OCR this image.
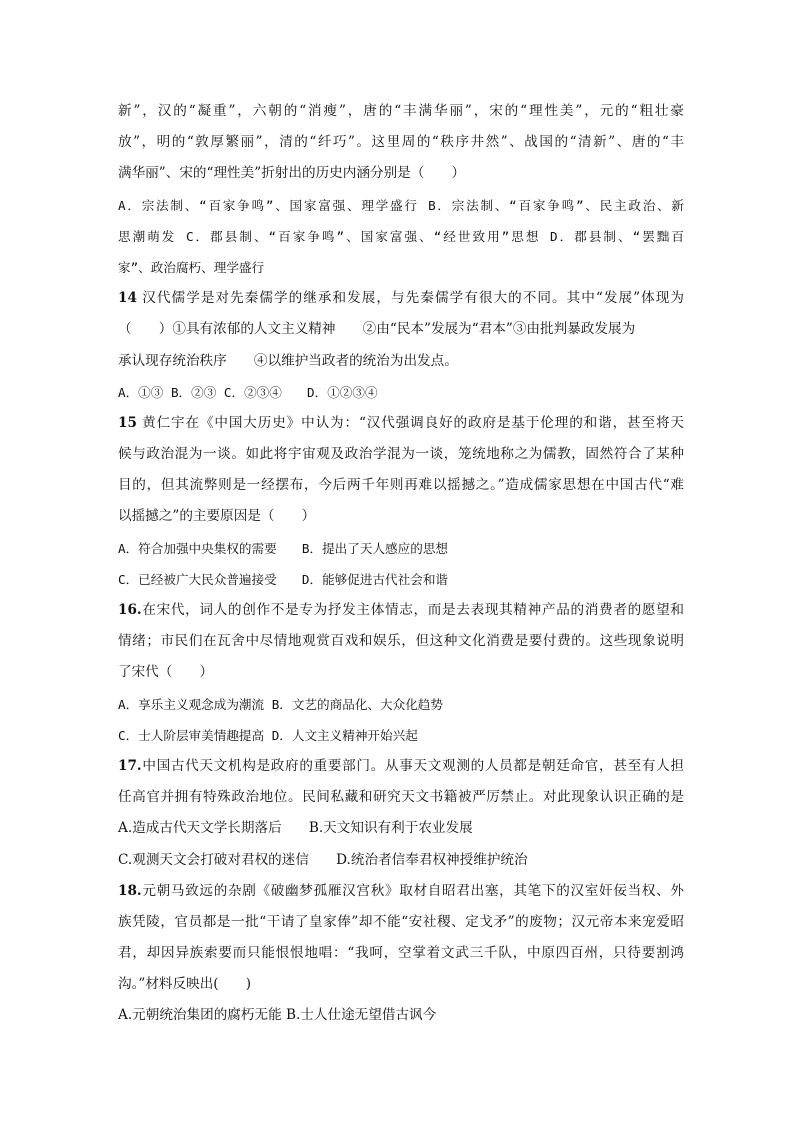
新”，汉的“凝重”，六朝的“消瘦”，唐的“丰满华丽”，宋的“理性美”，元的“粗壮豪
放”，明的“敦厚繁丽”，清的“纤巧”。这里周的“秩序井然”、战国的“清新”、唐的“丰
满华丽”、宋的“理性美”折射出的历史内涵分别是（　　）
A．宗法制、“百家争鸣”、国家富强、理学盛行 B．宗法制、“百家争鸣”、民主政治、新
思潮萌发 C．郡县制、“百家争鸣”、国家富强、“经世致用”思想 D．郡县制、“罢黜百
家”、政治腐朽、理学盛行
14 汉代儒学是对先秦儒学的继承和发展，与先秦儒学有很大的不同。其中“发展”体现为
（　　）①具有浓郁的人文主义精神　　②由“民本”发展为“君本”③由批判暴政发展为
承认现存统治秩序　　④以维护当政者的统治为出发点。
A．①③ B．②③ C．②③④　　D．①②③④
15 黄仁宇在《中国大历史》中认为：“汉代强调良好的政府是基于伦理的和谐，甚至将天
候与政治混为一谈。如此将宇宙观及政治学混为一谈，笼统地称之为儒教，固然符合了某种
目的，但其流弊则是一经摆布，今后两千年则再难以摇撼之。”造成儒家思想在中国古代“难
以摇撼之”的主要原因是（　　）
A．符合加强中央集权的需要　　B．提出了天人感应的思想
C．已经被广大民众普遍接受　　D．能够促进古代社会和谐
16.在宋代，词人的创作不是专为抒发主体情志，而是去表现其精神产品的消费者的愿望和
情绪；市民们在瓦舍中尽情地观赏百戏和娱乐，但这种文化消费是要付费的。这些现象说明
了宋代（　　）
A．享乐主义观念成为潮流 B．文艺的商品化、大众化趋势
C．士人阶层审美情趣提高 D．人文主义精神开始兴起
17.中国古代天文机构是政府的重要部门。从事天文观测的人员都是朝廷命官，甚至有人担
任高官并拥有特殊政治地位。民间私藏和研究天文书籍被严厉禁止。对此现象认识正确的是
A.造成古代天文学长期落后　　B.天文知识有利于农业发展
C.观测天文会打破对君权的迷信　　D.统治者信奉君权神授维护统治
18.元朝马致远的杂剧《破幽梦孤雁汉宫秋》取材自昭君出塞，其笔下的汉室奸佞当权、外
族凭陵，官员都是一批“干请了皇家俸”却不能“安社稷、定戈矛”的废物；汉元帝本来宠爱昭
君，却因异族索要而只能恨恨地唱：“我呵，空掌着文武三千队，中原四百州，只待要割鸿
沟。”材料反映出(　　)
A.元朝统治集团的腐朽无能 B.士人仕途无望借古讽今
